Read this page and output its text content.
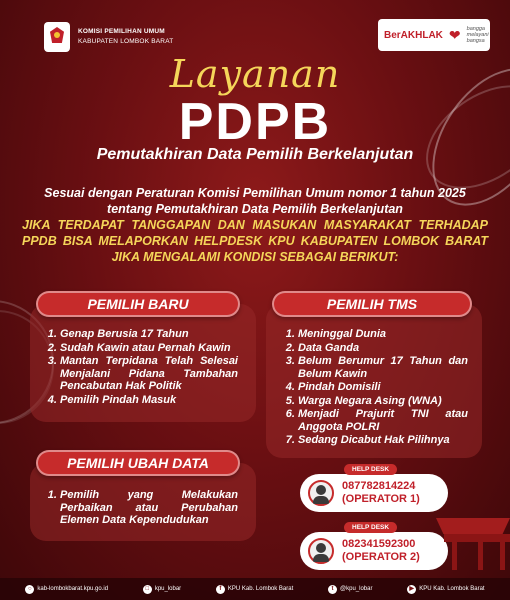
KOMISI PEMILIHAN UMUM
KABUPATEN LOMBOK BARAT
BerAKHLAK ❤ bangga
melayani
bangsa
Layanan
PDPB
Pemutakhiran Data Pemilih Berkelanjutan
Sesuai dengan Peraturan Komisi Pemilihan Umum nomor 1 tahun 2025 tentang Pemutakhiran Data Pemilih Berkelanjutan
JIKA TERDAPAT TANGGAPAN DAN MASUKAN MASYARAKAT TERHADAP PPDB BISA MELAPORKAN HELPDESK KPU KABUPATEN LOMBOK BARAT JIKA MENGALAMI KONDISI SEBAGAI BERIKUT:
PEMILIH BARU
1. Genap Berusia 17 Tahun
2. Sudah Kawin atau Pernah Kawin
3. Mantan Terpidana Telah Selesai Menjalani Pidana Tambahan Pencabutan Hak Politik
4. Pemilih Pindah Masuk
PEMILIH TMS
1. Meninggal Dunia
2. Data Ganda
3. Belum Berumur 17 Tahun dan Belum Kawin
4. Pindah Domisili
5. Warga Negara Asing (WNA)
6. Menjadi Prajurit TNI atau Anggota POLRI
7. Sedang Dicabut Hak Pilihnya
PEMILIH UBAH DATA
1. Pemilih yang Melakukan Perbaikan atau Perubahan Elemen Data Kependudukan
HELP DESK
087782814224
(OPERATOR 1)
HELP DESK
082341592300
(OPERATOR 2)
○ kab-lombokbarat.kpu.go.id	□ kpu_lobar	f	KPU Kab. Lombok Barat	t	@kpu_lobar	▶ KPU Kab. Lombok Barat
